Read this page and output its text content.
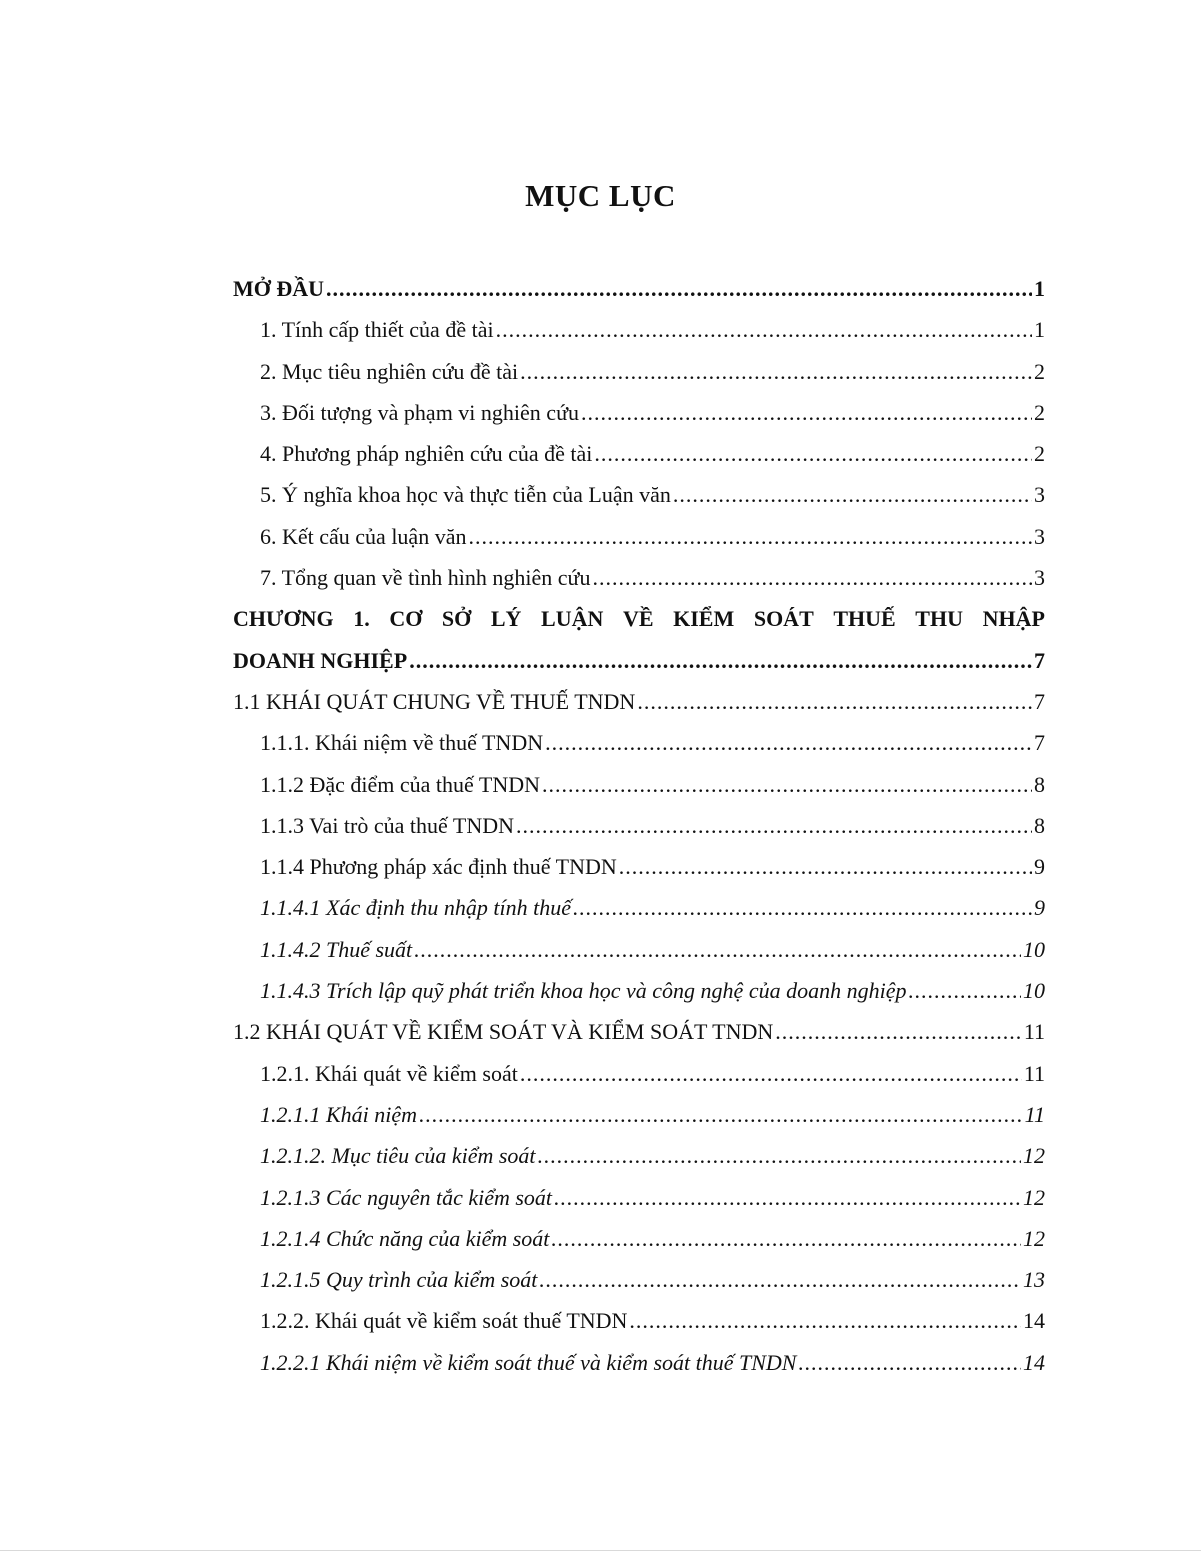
MỤC LỤC
MỞ ĐẦU .....	1
1. Tính cấp thiết của đề tài .....	1
2. Mục tiêu nghiên cứu đề tài .....	2
3. Đối tượng và phạm vi nghiên cứu .....	2
4. Phương pháp nghiên cứu của đề tài .....	2
5. Ý nghĩa khoa học và thực tiễn của Luận văn .....	3
6. Kết cấu của luận văn .....	3
7. Tổng quan về tình hình nghiên cứu .....	3
CHƯƠNG 1. CƠ SỞ LÝ LUẬN VỀ KIỂM SOÁT THUẾ THU NHẬP
DOANH NGHIỆP .....	7
1.1 KHÁI QUÁT CHUNG VỀ THUẾ TNDN .....	7
1.1.1. Khái niệm về thuế TNDN .....	7
1.1.2 Đặc điểm của thuế TNDN .....	8
1.1.3 Vai trò của thuế TNDN .....	8
1.1.4 Phương pháp xác định thuế TNDN .....	9
1.1.4.1 Xác định thu nhập tính thuế .....	9
1.1.4.2 Thuế suất .....	10
1.1.4.3 Trích lập quỹ phát triển khoa học và công nghệ của doanh nghiệp .....	10
1.2 KHÁI QUÁT VỀ KIỂM SOÁT VÀ KIỂM SOÁT TNDN .....	11
1.2.1. Khái quát về kiểm soát .....	11
1.2.1.1 Khái niệm .....	11
1.2.1.2. Mục tiêu của kiểm soát .....	12
1.2.1.3 Các nguyên tắc kiểm soát .....	12
1.2.1.4 Chức năng của kiểm soát .....	12
1.2.1.5 Quy trình của kiểm soát .....	13
1.2.2. Khái quát về kiểm soát thuế TNDN .....	14
1.2.2.1 Khái niệm về kiểm soát thuế và kiểm soát thuế TNDN .....	14
